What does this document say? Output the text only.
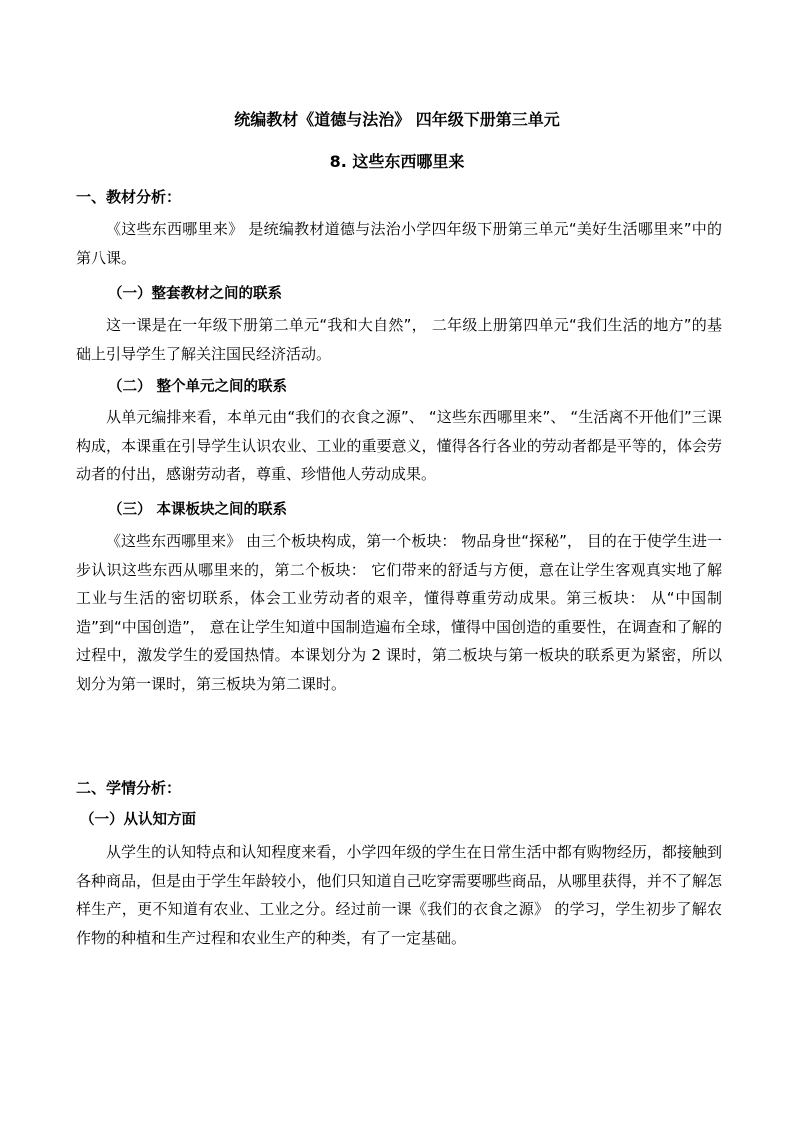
统编教材《道德与法治》 四年级下册第三单元
8. 这些东西哪里来
一、教材分析：

《这些东西哪里来》 是统编教材道德与法治小学四年级下册第三单元“美好生活哪里来”中的第八课。

（一）整套教材之间的联系

这一课是在一年级下册第二单元“我和大自然”， 二年级上册第四单元“我们生活的地方”的基础上引导学生了解关注国民经济活动。

（二） 整个单元之间的联系

从单元编排来看，本单元由“我们的衣食之源”、 “这些东西哪里来”、 “生活离不开他们”三课构成，本课重在引导学生认识农业、工业的重要意义，懂得各行各业的劳动者都是平等的，体会劳动者的付出，感谢劳动者，尊重、珍惜他人劳动成果。

（三） 本课板块之间的联系

《这些东西哪里来》 由三个板块构成，第一个板块： 物品身世“探秘”， 目的在于使学生进一步认识这些东西从哪里来的，第二个板块： 它们带来的舒适与方便，意在让学生客观真实地了解工业与生活的密切联系，体会工业劳动者的艰辛，懂得尊重劳动成果。第三板块： 从“中国制造”到“中国创造”， 意在让学生知道中国制造遍布全球，懂得中国创造的重要性，在调查和了解的过程中，激发学生的爱国热情。本课划分为 2 课时，第二板块与第一板块的联系更为紧密，所以划分为第一课时，第三板块为第二课时。

二、学情分析：
（一）从认知方面

从学生的认知特点和认知程度来看，小学四年级的学生在日常生活中都有购物经历，都接触到各种商品，但是由于学生年龄较小，他们只知道自己吃穿需要哪些商品，从哪里获得，并不了解怎样生产，更不知道有农业、工业之分。经过前一课《我们的衣食之源》 的学习，学生初步了解农作物的种植和生产过程和农业生产的种类，有了一定基础。
